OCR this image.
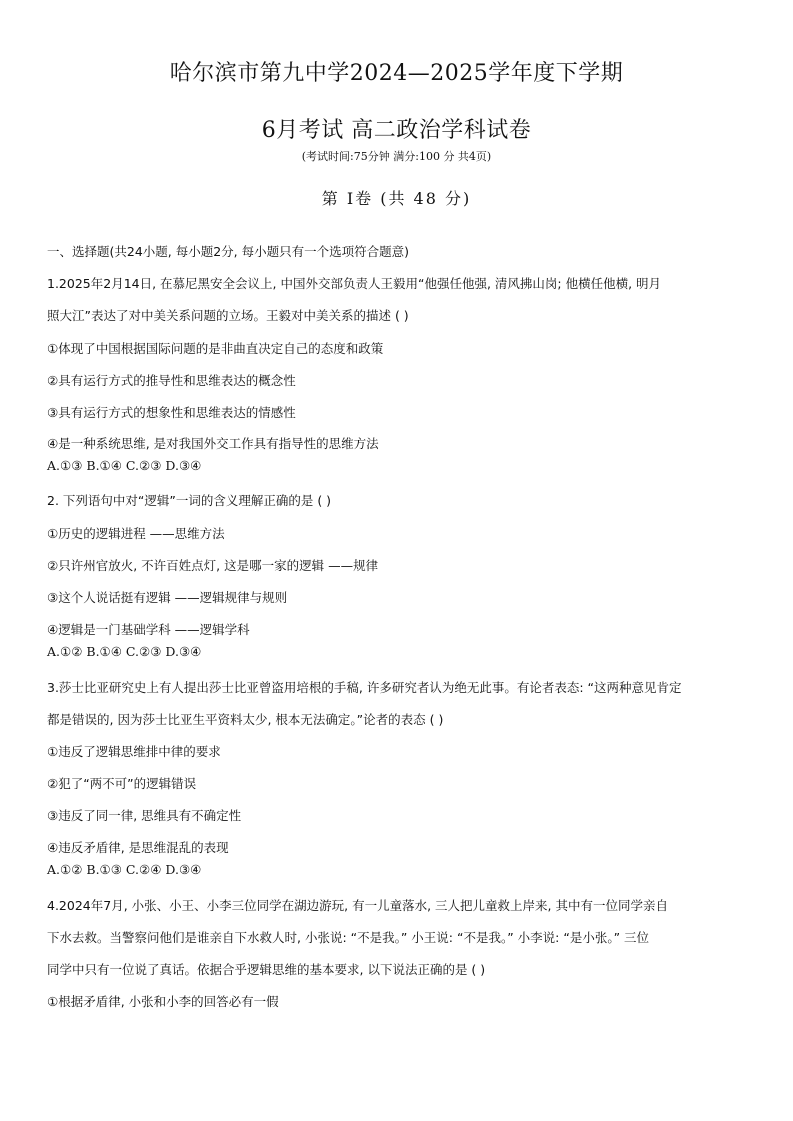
哈尔滨市第九中学2024—2025学年度下学期
6月考试 高二政治学科试卷
(考试时间:75分钟 满分:100 分 共4页)
第 Ⅰ卷 (共 48 分)
一、选择题(共24小题, 每小题2分, 每小题只有一个选项符合题意)
1.2025年2月14日, 在慕尼黑安全会议上, 中国外交部负责人王毅用“他强任他强, 清风拂山岗; 他横任他横, 明月
照大江”表达了对中美关系问题的立场。王毅对中美关系的描述 ( )
①体现了中国根据国际问题的是非曲直决定自己的态度和政策
②具有运行方式的推导性和思维表达的概念性
③具有运行方式的想象性和思维表达的情感性
④是一种系统思维, 是对我国外交工作具有指导性的思维方法
A.①③ B.①④ C.②③ D.③④
2. 下列语句中对“逻辑”一词的含义理解正确的是 ( )
①历史的逻辑进程 ——思维方法
②只许州官放火, 不许百姓点灯, 这是哪一家的逻辑 ——规律
③这个人说话挺有逻辑 ——逻辑规律与规则
④逻辑是一门基础学科 ——逻辑学科
A.①② B.①④ C.②③ D.③④
3.莎士比亚研究史上有人提出莎士比亚曾盗用培根的手稿, 许多研究者认为绝无此事。有论者表态: “这两种意见肯定
都是错误的, 因为莎士比亚生平资料太少, 根本无法确定。”论者的表态 ( )
①违反了逻辑思维排中律的要求
②犯了“两不可”的逻辑错误
③违反了同一律, 思维具有不确定性
④违反矛盾律, 是思维混乱的表现
A.①② B.①③ C.②④ D.③④
4.2024年7月, 小张、小王、小李三位同学在湖边游玩, 有一儿童落水, 三人把儿童救上岸来, 其中有一位同学亲自
下水去救。当警察问他们是谁亲自下水救人时, 小张说: “不是我。” 小王说: “不是我。” 小李说: “是小张。” 三位
同学中只有一位说了真话。依据合乎逻辑思维的基本要求, 以下说法正确的是 ( )
①根据矛盾律, 小张和小李的回答必有一假
